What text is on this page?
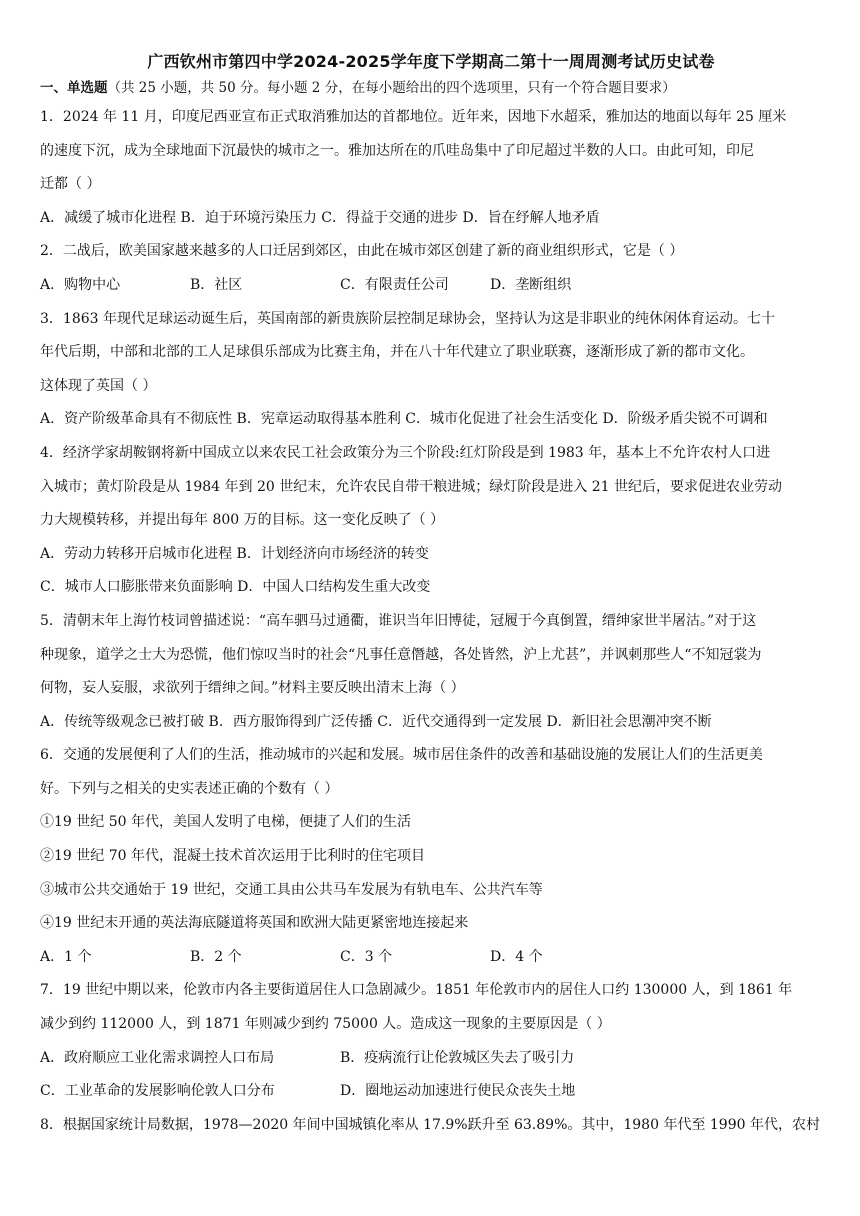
广西钦州市第四中学2024-2025学年度下学期高二第十一周周测考试历史试卷
一、单选题（共 25 小题，共 50 分。每小题 2 分，在每小题给出的四个选项里，只有一个符合题目要求）
1．2024 年 11 月，印度尼西亚宣布正式取消雅加达的首都地位。近年来，因地下水超采，雅加达的地面以每年 25 厘米
的速度下沉，成为全球地面下沉最快的城市之一。雅加达所在的爪哇岛集中了印尼超过半数的人口。由此可知，印尼
迁都（ ）
A．减缓了城市化进程 B．迫于环境污染压力 C．得益于交通的进步 D．旨在纾解人地矛盾
2．二战后，欧美国家越来越多的人口迁居到郊区，由此在城市郊区创建了新的商业组织形式，它是（ ）
A．购物中心	B．社区	C．有限责任公司	D．垄断组织
3．1863 年现代足球运动诞生后，英国南部的新贵族阶层控制足球协会，坚持认为这是非职业的纯休闲体育运动。七十
年代后期，中部和北部的工人足球俱乐部成为比赛主角，并在八十年代建立了职业联赛，逐渐形成了新的都市文化。
这体现了英国（ ）
A．资产阶级革命具有不彻底性 B．宪章运动取得基本胜利 C．城市化促进了社会生活变化 D．阶级矛盾尖锐不可调和
4．经济学家胡鞍钢将新中国成立以来农民工社会政策分为三个阶段:红灯阶段是到 1983 年，基本上不允许农村人口进
入城市；黄灯阶段是从 1984 年到 20 世纪末，允许农民自带干粮进城；绿灯阶段是进入 21 世纪后，要求促进农业劳动
力大规模转移，并提出每年 800 万的目标。这一变化反映了（ ）
A．劳动力转移开启城市化进程 B．计划经济向市场经济的转变
C．城市人口膨胀带来负面影响 D．中国人口结构发生重大改变
5．清朝末年上海竹枝词曾描述说：“高车驷马过通衢，谁识当年旧博徒，冠履于今真倒置，缙绅家世半屠沽。”对于这
种现象，道学之士大为恐慌，他们惊叹当时的社会“凡事任意僭越，各处皆然，沪上尤甚”，并讽刺那些人“不知冠裳为
何物，妄人妄服，求欲列于缙绅之间。”材料主要反映出清末上海（ ）
A．传统等级观念已被打破 B．西方服饰得到广泛传播 C．近代交通得到一定发展 D．新旧社会思潮冲突不断
6．交通的发展便利了人们的生活，推动城市的兴起和发展。城市居住条件的改善和基础设施的发展让人们的生活更美
好。下列与之相关的史实表述正确的个数有（ ）
①19 世纪 50 年代，美国人发明了电梯，便捷了人们的生活
②19 世纪 70 年代，混凝土技术首次运用于比利时的住宅项目
③城市公共交通始于 19 世纪，交通工具由公共马车发展为有轨电车、公共汽车等
④19 世纪末开通的英法海底隧道将英国和欧洲大陆更紧密地连接起来
A．1 个	B．2 个	C．3 个	D．4 个
7．19 世纪中期以来，伦敦市内各主要街道居住人口急剧减少。1851 年伦敦市内的居住人口约 130000 人，到 1861 年
减少到约 112000 人，到 1871 年则减少到约 75000 人。造成这一现象的主要原因是（ ）
A．政府顺应工业化需求调控人口布局	B．疫病流行让伦敦城区失去了吸引力
C．工业革命的发展影响伦敦人口分布	D．圈地运动加速进行使民众丧失土地
8．根据国家统计局数据，1978—2020 年间中国城镇化率从 17.9%跃升至 63.89%。其中，1980 年代至 1990 年代，农村
